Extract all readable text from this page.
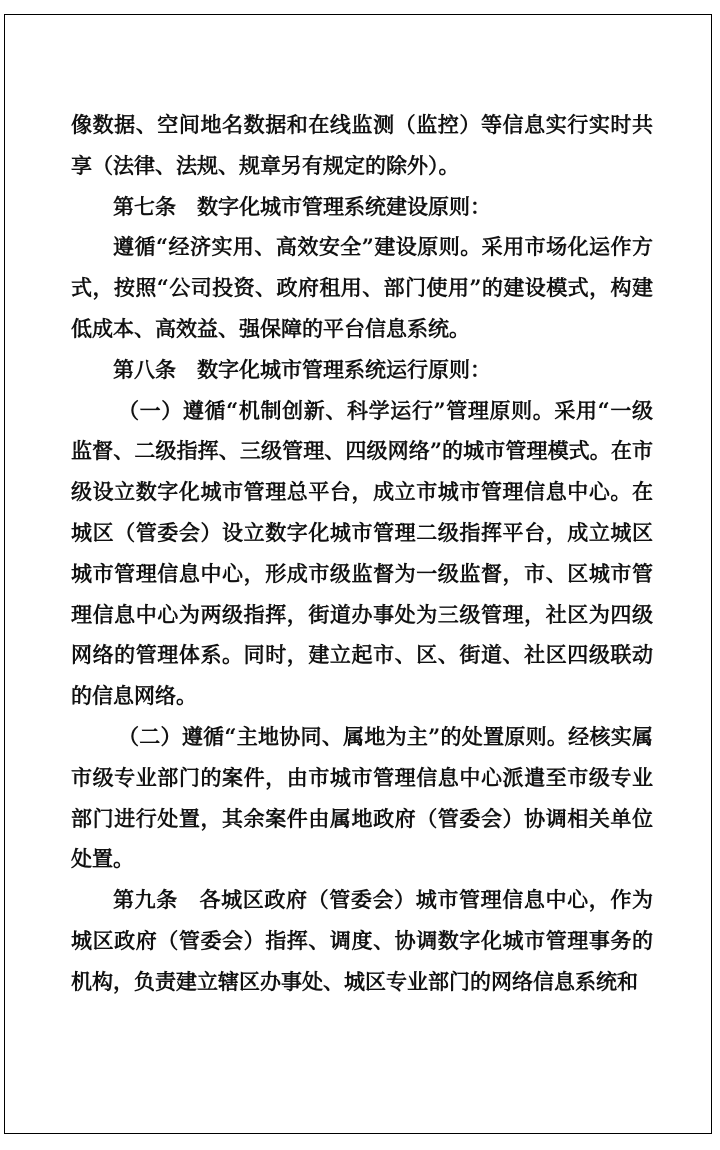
像数据、空间地名数据和在线监测（监控）等信息实行实时共享（法律、法规、规章另有规定的除外）。

第七条　数字化城市管理系统建设原则：

遵循“经济实用、高效安全”建设原则。采用市场化运作方式，按照“公司投资、政府租用、部门使用”的建设模式，构建低成本、高效益、强保障的平台信息系统。

第八条　数字化城市管理系统运行原则：

（一）遵循“机制创新、科学运行”管理原则。采用“一级监督、二级指挥、三级管理、四级网络”的城市管理模式。在市级设立数字化城市管理总平台，成立市城市管理信息中心。在城区（管委会）设立数字化城市管理二级指挥平台，成立城区城市管理信息中心，形成市级监督为一级监督，市、区城市管理信息中心为两级指挥，街道办事处为三级管理，社区为四级网络的管理体系。同时，建立起市、区、街道、社区四级联动的信息网络。

（二）遵循“主地协同、属地为主”的处置原则。经核实属市级专业部门的案件，由市城市管理信息中心派遣至市级专业部门进行处置，其余案件由属地政府（管委会）协调相关单位处置。

第九条　各城区政府（管委会）城市管理信息中心，作为城区政府（管委会）指挥、调度、协调数字化城市管理事务的机构，负责建立辖区办事处、城区专业部门的网络信息系统和
